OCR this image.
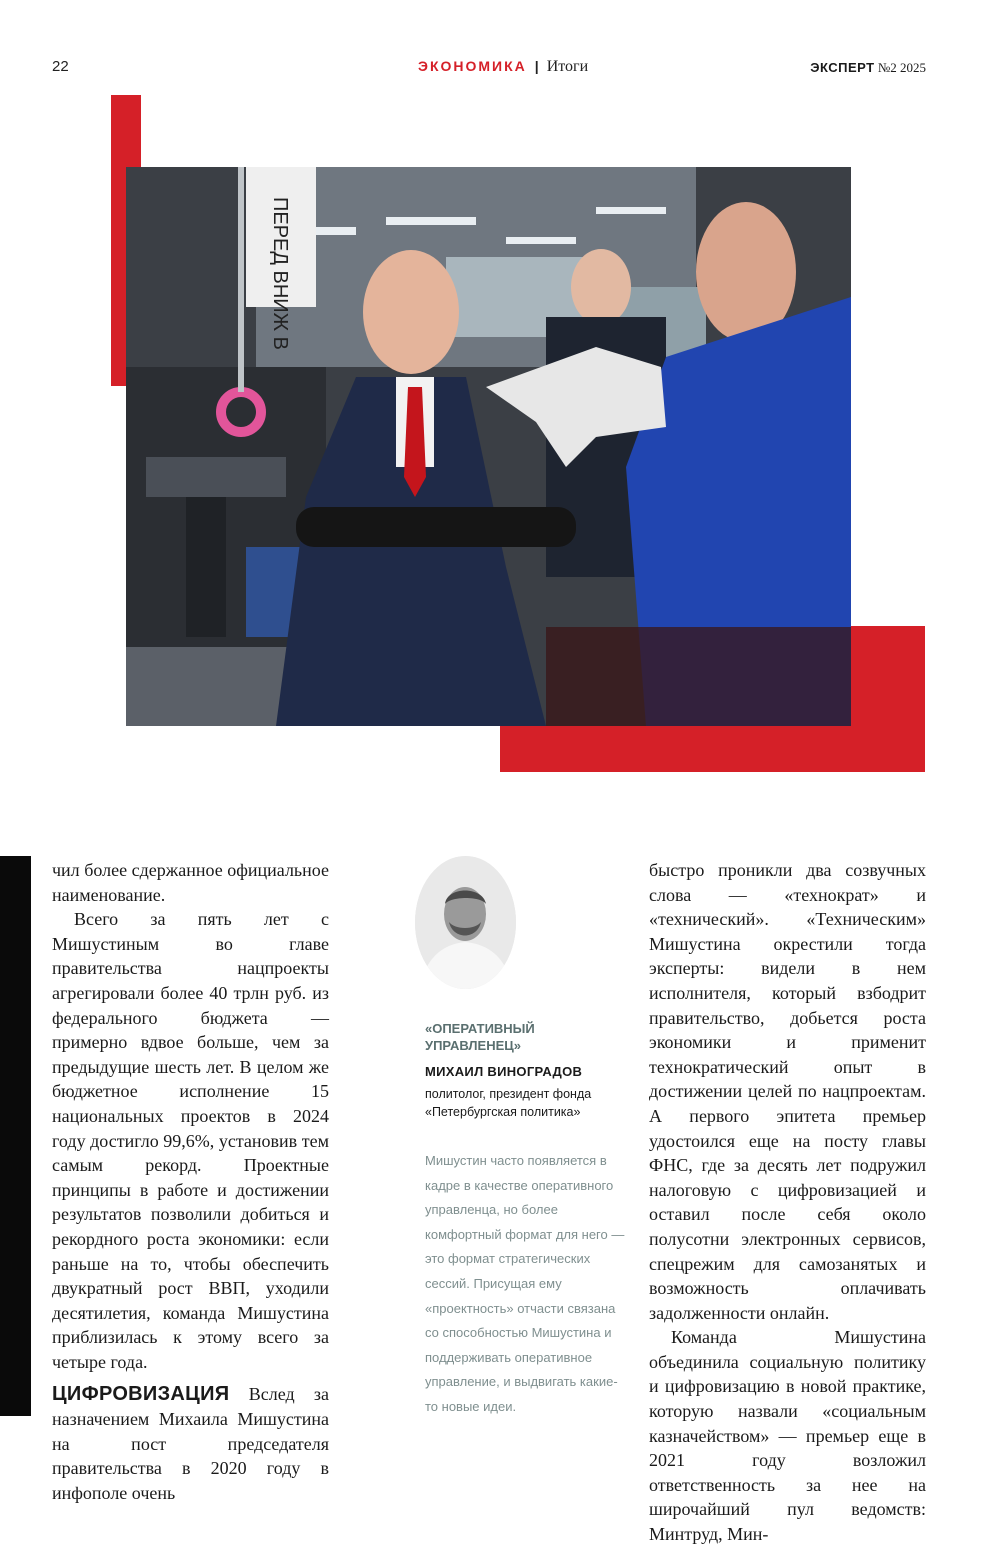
22	ЭКОНОМИКА | Итоги	ЭКСПЕРТ №2 2025
ПЕРЕД ВНИЖ В

чил более сдержанное официальное наименование.

Всего за пять лет с Мишустиным во главе правительства нацпроекты агрегировали более 40 трлн руб. из федерального бюджета — примерно вдвое больше, чем за предыдущие шесть лет. В целом же бюджетное исполнение 15 национальных проектов в 2024 году достигло 99,6%, установив тем самым рекорд. Проектные принципы в работе и достижении результатов позволили добиться и рекордного роста экономики: если раньше на то, чтобы обеспечить двукратный рост ВВП, уходили десятилетия, команда Мишустина приблизилась к этому всего за четыре года.

ЦИФРОВИЗАЦИЯ Вслед за назначением Михаила Мишустина на пост председателя правительства в 2020 году в инфополе очень

«ОПЕРАТИВНЫЙ УПРАВЛЕНЕЦ»
МИХАИЛ ВИНОГРАДОВ
политолог, президент фонда «Петербургская политика»
Мишустин часто появляется в кадре в качестве оперативного управленца, но более комфортный формат для него — это формат стратегических сессий. Присущая ему «проектность» отчасти связана со способностью Мишустина и поддерживать оперативное управление, и выдвигать какие-то новые идеи.

быстро проникли два созвучных слова — «технократ» и «технический». «Техническим» Мишустина окрестили тогда эксперты: видели в нем исполнителя, который взбодрит правительство, добьется роста экономики и применит технократический опыт в достижении целей по нацпроектам. А первого эпитета премьер удостоился еще на посту главы ФНС, где за десять лет подружил налоговую с цифровизацией и оставил после себя около полусотни электронных сервисов, спецрежим для самозанятых и возможность оплачивать задолженности онлайн.

Команда Мишустина объединила социальную политику и цифровизацию в новой практике, которую назвали «социальным казначейством» — премьер еще в 2021 году возложил ответственность за нее на широчайший пул ведомств: Минтруд, Мин-
